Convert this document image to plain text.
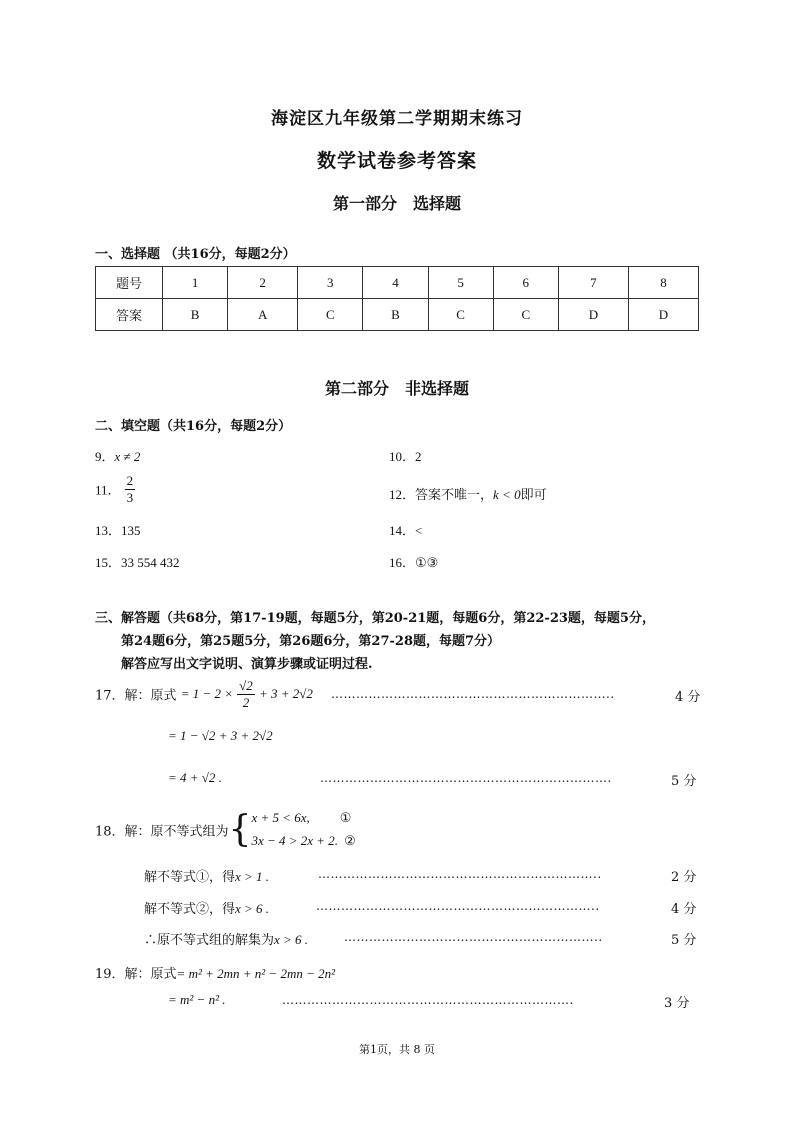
海淀区九年级第二学期期末练习
数学试卷参考答案
第一部分　选择题
一、选择题 （共16分，每题2分）
题号	1	2	3	4	5	6	7	8
答案	B	A	C	B	C	C	D	D
第二部分　非选择题
二、填空题（共16分，每题2分）
9．x ≠ 2	10．2
11． $\frac{2}{3}$	12．答案不唯一，k < 0即可
13．135	14．<
15．33 554 432	16．①③
三、解答题（共68分，第17-19题，每题5分，第20-21题，每题6分，第22-23题，每题5分，
第24题6分，第25题5分，第26题6分，第27-28题，每题7分）
解答应写出文字说明、演算步骤或证明过程.
17．解：原式 = $1 - 2 \times \frac{√2}{2} + 3 + 2√2$ …………………………………………………………..	4 分
= 1 − √2 + 3 + 2√2
= 4 + √2 .	…………………………………………………………….	5 分
18．解：原不等式组为{x + 5 < 6x, ①
3x − 4 > 2x + 2. ②
解不等式①，得x > 1 .	…………………………………………………………..	2 分
解不等式②，得x > 6 .	…………………………………………………………..	4 分
∴原不等式组的解集为x > 6 .	……………………………………………………..	5 分
19．解：原式= m² + 2mn + n² − 2mn − 2n²
= m² − n² .	…………………………………………………………….	3 分
第1页，共 8 页
